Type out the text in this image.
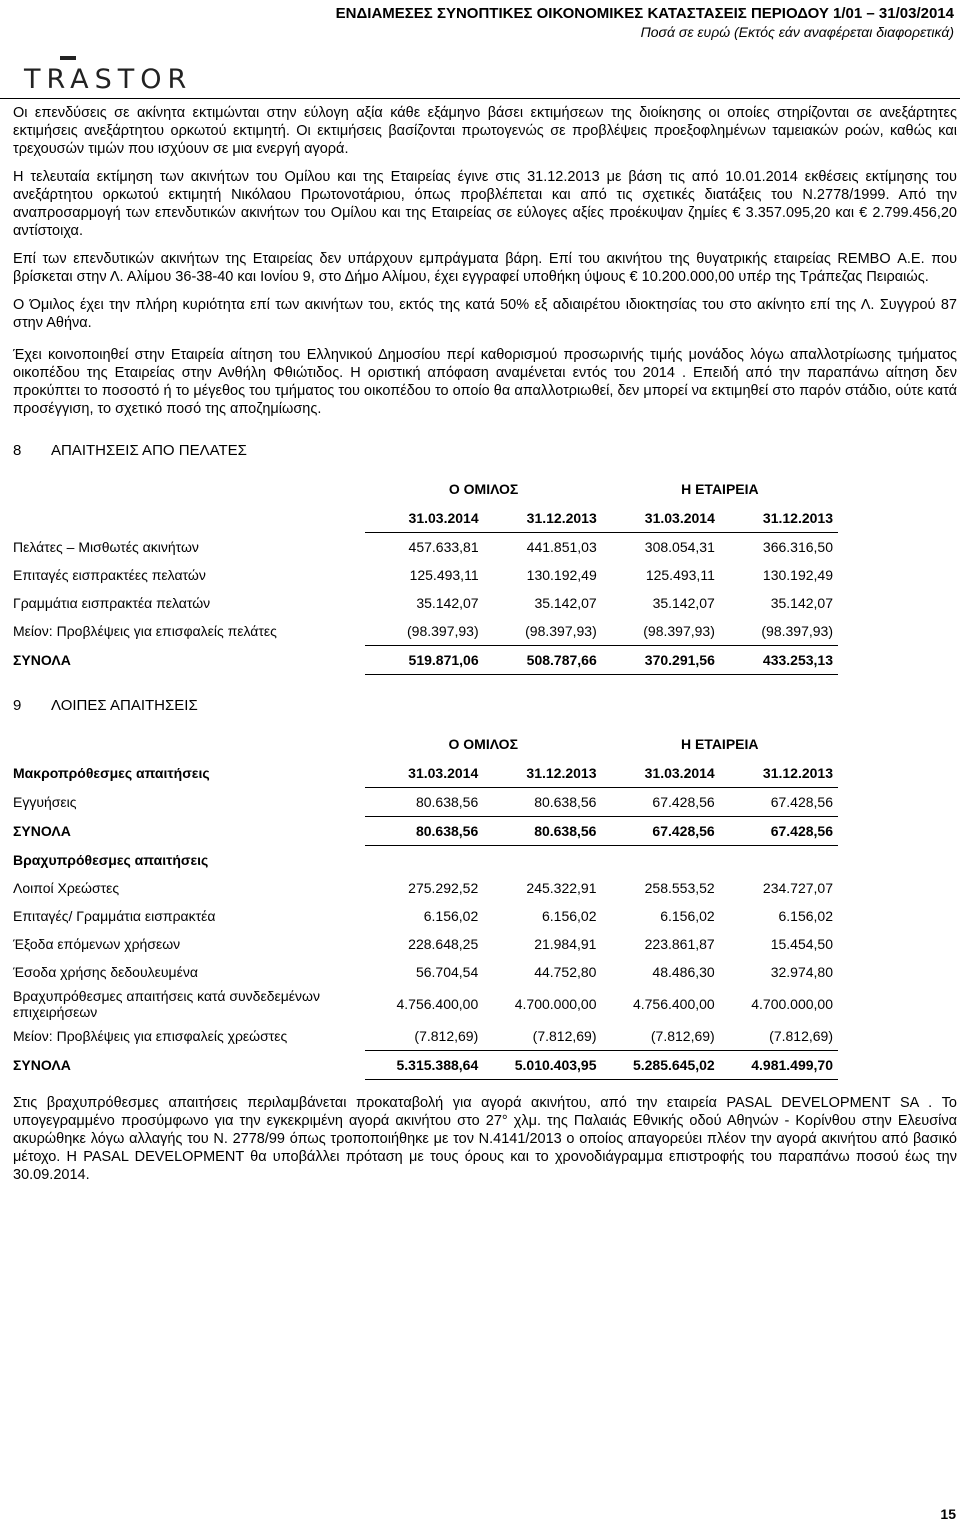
ΕΝΔΙΑΜΕΣΕΣ ΣΥΝΟΠΤΙΚΕΣ ΟΙΚΟΝΟΜΙΚΕΣ ΚΑΤΑΣΤΑΣΕΙΣ ΠΕΡΙΟΔΟΥ 1/01 – 31/03/2014
Ποσά σε ευρώ (Εκτός εάν αναφέρεται διαφορετικά)
TRASTOR

Οι επενδύσεις σε ακίνητα εκτιμώνται στην εύλογη αξία κάθε εξάμηνο βάσει εκτιμήσεων της διοίκησης οι οποίες στηρίζονται σε ανεξάρτητες εκτιμήσεις ανεξάρτητου ορκωτού εκτιμητή. Οι εκτιμήσεις βασίζονται πρωτογενώς σε προβλέψεις προεξοφλημένων ταμειακών ροών, καθώς και τρεχουσών τιμών που ισχύουν σε μια ενεργή αγορά.

Η τελευταία εκτίμηση των ακινήτων του Ομίλου και της Εταιρείας έγινε στις 31.12.2013 με βάση τις από 10.01.2014 εκθέσεις εκτίμησης του ανεξάρτητου ορκωτού εκτιμητή Νικόλαου Πρωτονοτάριου, όπως προβλέπεται και από τις σχετικές διατάξεις του Ν.2778/1999. Από την αναπροσαρμογή των επενδυτικών ακινήτων του Ομίλου και της Εταιρείας σε εύλογες αξίες προέκυψαν ζημίες € 3.357.095,20 και € 2.799.456,20 αντίστοιχα.

Επί των επενδυτικών ακινήτων της Εταιρείας δεν υπάρχουν εμπράγματα βάρη. Επί του ακινήτου της θυγατρικής εταιρείας REMBO Α.Ε. που βρίσκεται στην Λ. Αλίμου 36-38-40 και Ιονίου 9, στο Δήμο Αλίμου, έχει εγγραφεί υποθήκη ύψους € 10.200.000,00 υπέρ της Τράπεζας Πειραιώς.

Ο Όμιλος έχει την πλήρη κυριότητα επί των ακινήτων του, εκτός της κατά 50% εξ αδιαιρέτου ιδιοκτησίας του στο ακίνητο επί της Λ. Συγγρού 87 στην Αθήνα.

Έχει κοινοποιηθεί στην Εταιρεία αίτηση του Ελληνικού Δημοσίου περί καθορισμού προσωρινής τιμής μονάδος λόγω απαλλοτρίωσης τμήματος οικοπέδου της Εταιρείας στην Ανθήλη Φθιώτιδος. Η οριστική απόφαση αναμένεται εντός του 2014 . Επειδή από την παραπάνω αίτηση δεν προκύπτει το ποσοστό ή το μέγεθος του τμήματος του οικοπέδου το οποίο θα απαλλοτριωθεί, δεν μπορεί να εκτιμηθεί στο παρόν στάδιο, ούτε κατά προσέγγιση, το σχετικό ποσό της αποζημίωσης.

8 ΑΠΑΙΤΗΣΕΙΣ ΑΠΟ ΠΕΛΑΤΕΣ
	Ο ΟΜΙΛΟΣ		Η ΕΤΑΙΡΕΙΑ	
	31.03.2014	31.12.2013	31.03.2014	31.12.2013
Πελάτες – Μισθωτές ακινήτων	457.633,81	441.851,03	308.054,31	366.316,50
Επιταγές εισπρακτέες πελατών	125.493,11	130.192,49	125.493,11	130.192,49
Γραμμάτια εισπρακτέα πελατών	35.142,07	35.142,07	35.142,07	35.142,07
Μείον: Προβλέψεις για επισφαλείς πελάτες	(98.397,93)	(98.397,93)	(98.397,93)	(98.397,93)
ΣΥΝΟΛΑ	519.871,06	508.787,66	370.291,56	433.253,13
9 ΛΟΙΠΕΣ ΑΠΑΙΤΗΣΕΙΣ
	Ο ΟΜΙΛΟΣ		Η ΕΤΑΙΡΕΙΑ	
Μακροπρόθεσμες απαιτήσεις	31.03.2014	31.12.2013	31.03.2014	31.12.2013
Εγγυήσεις	80.638,56	80.638,56	67.428,56	67.428,56
ΣΥΝΟΛΑ	80.638,56	80.638,56	67.428,56	67.428,56
Βραχυπρόθεσμες απαιτήσεις				
Λοιποί Χρεώστες	275.292,52	245.322,91	258.553,52	234.727,07
Επιταγές/ Γραμμάτια εισπρακτέα	6.156,02	6.156,02	6.156,02	6.156,02
Έξοδα επόμενων χρήσεων	228.648,25	21.984,91	223.861,87	15.454,50
Έσοδα χρήσης δεδουλευμένα	56.704,54	44.752,80	48.486,30	32.974,80
Βραχυπρόθεσμες απαιτήσεις κατά συνδεδεμένων επιχειρήσεων	4.756.400,00	4.700.000,00	4.756.400,00	4.700.000,00
Μείον: Προβλέψεις για επισφαλείς χρεώστες	(7.812,69)	(7.812,69)	(7.812,69)	(7.812,69)
ΣΥΝΟΛΑ	5.315.388,64	5.010.403,95	5.285.645,02	4.981.499,70

Στις βραχυπρόθεσμες απαιτήσεις περιλαμβάνεται προκαταβολή για αγορά ακινήτου, από την εταιρεία PASAL DEVELOPMENT SA . Το υπογεγραμμένο προσύμφωνο για την εγκεκριμένη αγορά ακινήτου στο 27° χλμ. της Παλαιάς Εθνικής οδού Αθηνών - Κορίνθου στην Ελευσίνα ακυρώθηκε λόγω αλλαγής του Ν. 2778/99 όπως τροποποιήθηκε με τον Ν.4141/2013 ο οποίος απαγορεύει πλέον την αγορά ακινήτου από βασικό μέτοχο. Η PASAL DEVELOPMENT θα υποβάλλει πρόταση με τους όρους και το χρονοδιάγραμμα επιστροφής του παραπάνω ποσού έως την 30.09.2014.

15
